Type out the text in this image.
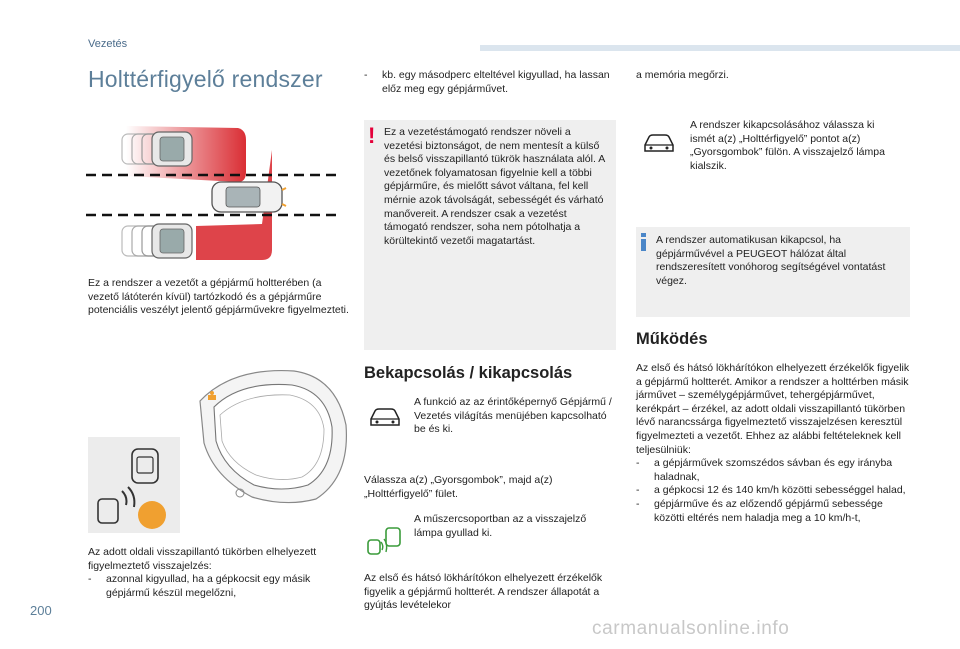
Vezetés
Holttérfigyelő rendszer
Ez a rendszer a vezetőt a gépjármű holtterében (a vezető látóterén kívül) tartózkodó és a gépjárműre potenciális veszélyt jelentő gépjárművekre figyelmezteti.
Az adott oldali visszapillantó tükörben elhelyezett figyelmeztető visszajelzés:
- azonnal kigyullad, ha a gépkocsit egy másik gépjármű készül megelőzni,
- kb. egy másodperc elteltével kigyullad, ha lassan előz meg egy gépjárművet.
! Ez a vezetéstámogató rendszer növeli a vezetési biztonságot, de nem mentesít a külső és belső visszapillantó tükrök használata alól. A vezetőnek folyamatosan figyelnie kell a többi gépjárműre, és mielőtt sávot váltana, fel kell mérnie azok távolságát, sebességét és várható manővereit. A rendszer csak a vezetést támogató rendszer, soha nem pótolhatja a körültekintő vezetői magatartást.
Bekapcsolás / kikapcsolás
A funkció az az érintőképernyő Gépjármű / Vezetés világítás menüjében kapcsolható be és ki.
Válassza a(z) „Gyorsgombok”, majd a(z) „Holttérfigyelő” fület.
A műszercsoportban az a visszajelző lámpa gyullad ki.
Az első és hátsó lökhárítókon elhelyezett érzékelők figyelik a gépjármű holtterét. A rendszer állapotát a gyújtás levételekor
a memória megőrzi.
A rendszer kikapcsolásához válassza ki ismét a(z) „Holttérfigyelő” pontot a(z) „Gyorsgombok” fülön. A visszajelző lámpa kialszik.
A rendszer automatikusan kikapcsol, ha gépjárművével a PEUGEOT hálózat által rendszeresített vonóhorog segítségével vontatást végez.
Működés
Az első és hátsó lökhárítókon elhelyezett érzékelők figyelik a gépjármű holtterét. Amikor a rendszer a holttérben másik járművet – személygépjárművet, tehergépjárművet, kerékpárt – érzékel, az adott oldali visszapillantó tükörben lévő narancssárga figyelmeztető visszajelzésen keresztül figyelmezteti a vezetőt. Ehhez az alábbi feltételeknek kell teljesülniük:
- a gépjárművek szomszédos sávban és egy irányba haladnak,
- a gépkocsi 12 és 140 km/h közötti sebességgel halad,
- gépjárműve és az előzendő gépjármű sebessége közötti eltérés nem haladja meg a 10 km/h-t,
200
carmanualsonline.info
